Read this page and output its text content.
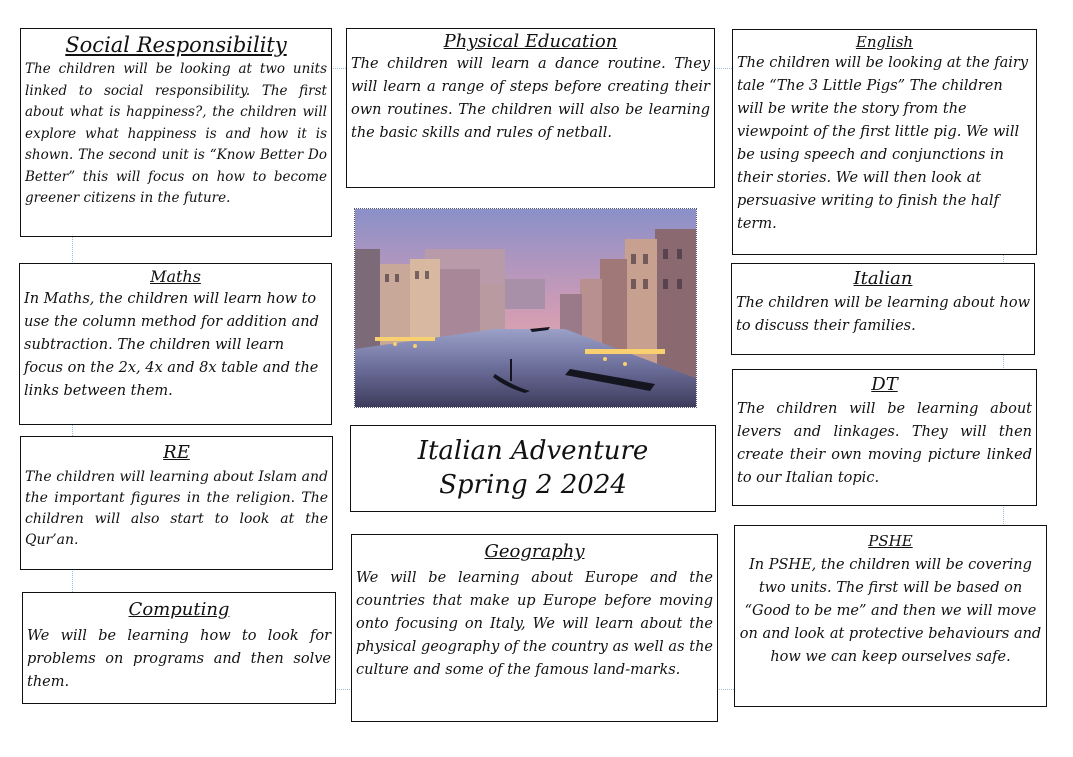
Social Responsibility

The children will be looking at two units linked to social responsibility. The first about what is happiness?, the children will explore what happiness is and how it is shown. The second unit is “Know Better Do Better” this will focus on how to become greener citizens in the future.

Physical Education

The children will learn a dance routine. They will learn a range of steps before creating their own routines. The children will also be learning the basic skills and rules of netball.

English

The children will be looking at the fairy tale “The 3 Little Pigs” The children will be write the story from the viewpoint of the first little pig. We will be using speech and conjunctions in their stories. We will then look at persuasive writing to finish the half term.

Maths

In Maths, the children will learn how to use the column method for addition and subtraction. The children will learn focus on the 2x, 4x and 8x table and the links between them.

Italian

The children will be learning about how to discuss their families.

RE

The children will learning about Islam and the important figures in the religion. The children will also start to look at the Qur’an.

Italian Adventure
Spring 2 2024
DT

The children will be learning about levers and linkages. They will then create their own moving picture linked to our Italian topic.

Computing

We will be learning how to look for problems on programs and then solve them.

Geography

We will be learning about Europe and the countries that make up Europe before moving onto focusing on Italy, We will learn about the physical geography of the country as well as the culture and some of the famous land-marks.

PSHE

In PSHE, the children will be covering two units. The first will be based on “Good to be me” and then we will move on and look at protective behaviours and how we can keep ourselves safe.
